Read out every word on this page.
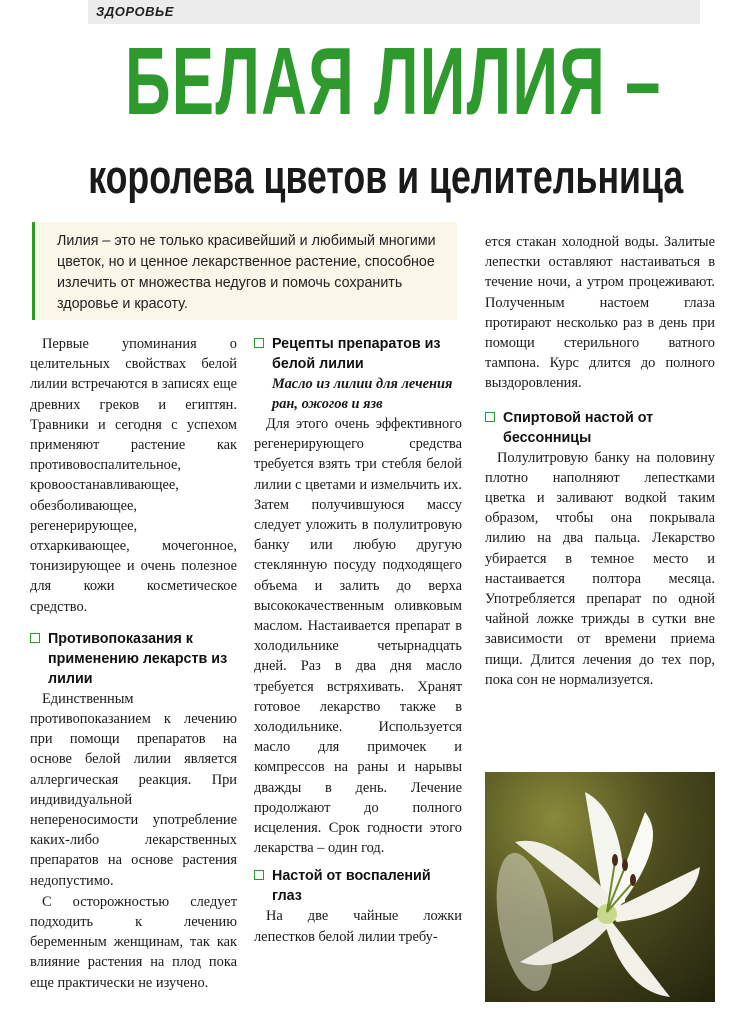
ЗДОРОВЬЕ
БЕЛАЯ ЛИЛИЯ –
королева цветов и целительница
Лилия – это не только красивейший и любимый многими цветок, но и ценное лекарственное растение, способное излечить от множества недугов и помочь сохранить здоровье и красоту.

Первые упоминания о целительных свойствах белой лилии встречаются в записях еще древних греков и египтян. Травники и сегодня с успехом применяют растение как противовоспалительное, кровоостанавливающее, обезболивающее, регенерирующее, отхаркивающее, мочегонное, тонизирующее и очень полезное для кожи косметическое средство.

Противопоказания к применению лекарств из лилии

Единственным противопоказанием к лечению при помощи препаратов на основе белой лилии является аллергическая реакция. При индивидуальной непереносимости употребление каких-либо лекарственных препаратов на основе растения недопустимо.

С осторожностью следует подходить к лечению беременным женщинам, так как влияние растения на плод пока еще практически не изучено.

Рецепты препаратов из белой лилии
Масло из лилии для лечения ран, ожогов и язв

Для этого очень эффективного регенерирующего средства требуется взять три стебля белой лилии с цветами и измельчить их. Затем получившуюся массу следует уложить в полулитровую банку или любую другую стеклянную посуду подходящего объема и залить до верха высококачественным оливковым маслом. Настаивается препарат в холодильнике четырнадцать дней. Раз в два дня масло требуется встряхивать. Хранят готовое лекарство также в холодильнике. Используется масло для примочек и компрессов на раны и нарывы дважды в день. Лечение продолжают до полного исцеления. Срок годности этого лекарства – один год.

Настой от воспалений глаз

На две чайные ложки лепестков белой лилии требу-

ется стакан холодной воды. Залитые лепестки оставляют настаиваться в течение ночи, а утром процеживают. Полученным настоем глаза протирают несколько раз в день при помощи стерильного ватного тампона. Курс длится до полного выздоровления.

Спиртовой настой от бессонницы

Полулитровую банку на половину плотно наполняют лепестками цветка и заливают водкой таким образом, чтобы она покрывала лилию на два пальца. Лекарство убирается в темное место и настаивается полтора месяца. Употребляется препарат по одной чайной ложке трижды в сутки вне зависимости от времени приема пищи. Длится лечения до тех пор, пока сон не нормализуется.
